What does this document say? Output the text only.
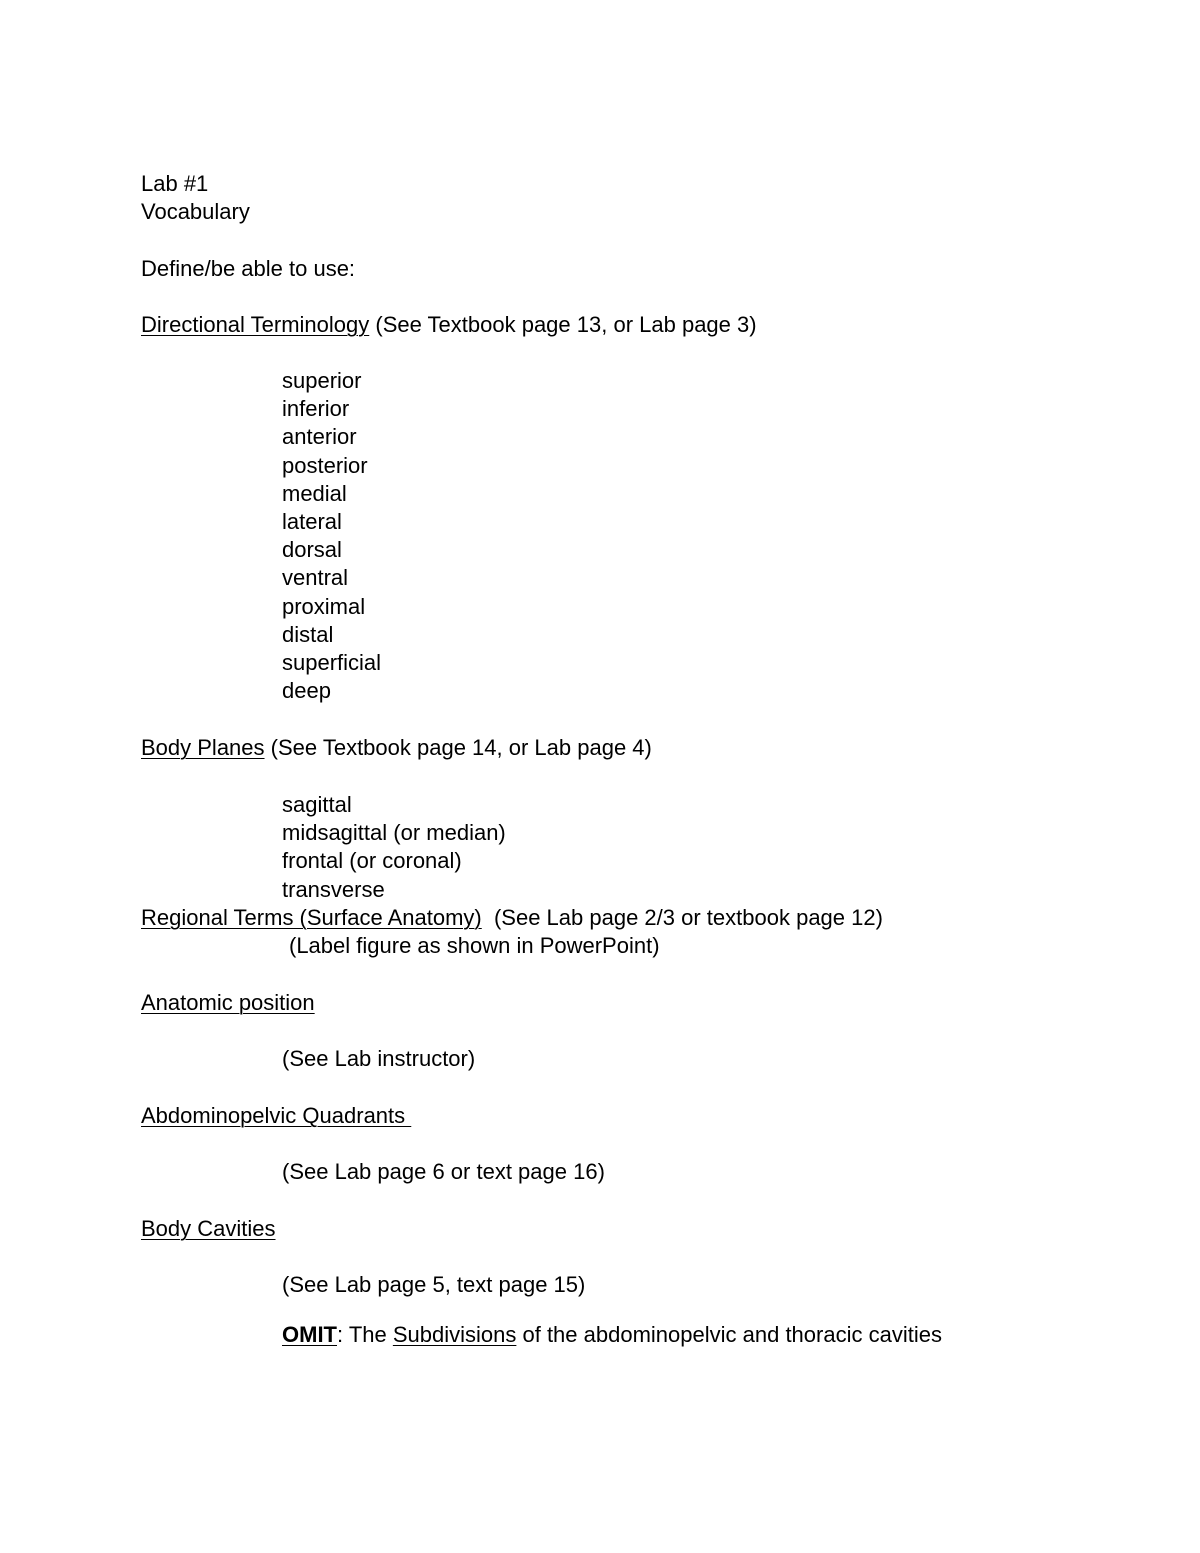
Lab #1

Vocabulary

Define/be able to use:

Directional Terminology (See Textbook page 13, or Lab page 3)

superior
inferior
anterior
posterior
medial
lateral
dorsal
ventral
proximal
distal
superficial
deep

Body Planes (See Textbook page 14, or Lab page 4)

sagittal
midsagittal (or median)
frontal (or coronal)
transverse

Regional Terms (Surface Anatomy)  (See Lab page 2/3 or textbook page 12)

(Label figure as shown in PowerPoint)

Anatomic position

(See Lab instructor)

Abdominopelvic Quadrants

(See Lab page 6 or text page 16)

Body Cavities

(See Lab page 5, text page 15)

OMIT: The Subdivisions of the abdominopelvic and thoracic cavities
